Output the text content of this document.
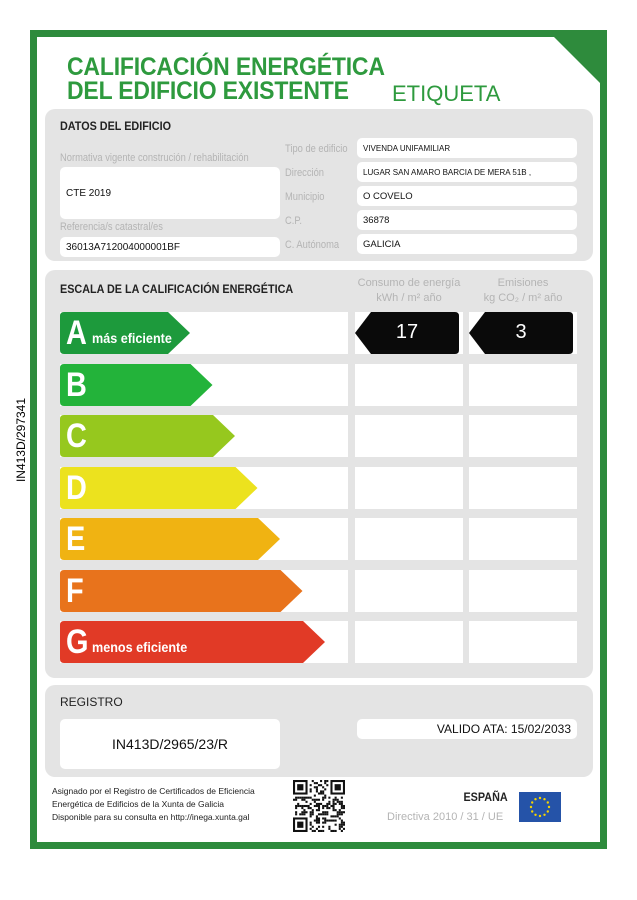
IN413D/297341
CALIFICACIÓN ENERGÉTICA
DEL EDIFICIO EXISTENTE	ETIQUETA
DATOS DEL EDIFICIO
Normativa vigente construción / rehabilitación
CTE 2019
Referencia/s catastral/es
36013A712004000001BF
Tipo de edificio	VIVENDA UNIFAMILIAR
Dirección	LUGAR SAN AMARO BARCIA DE MERA 51B ,
Municipio	O COVELO
C.P.	36878
C. Autónoma	GALICIA
ESCALA DE LA CALIFICACIÓN ENERGÉTICA	Consumo de energía
kWh / m² año
Emisiones
kg CO₂ / m² año
A más eficiente	17	3
B
C
D
E
F
G menos eficiente
REGISTRO
IN413D/2965/23/R
VALIDO ATA: 15/02/2033
Asignado por el Registro de Certificados de Eficiencia
Energética de Edificios de la Xunta de Galicia
Disponible para su consulta en http://inega.xunta.gal
ESPAÑA
Directiva 2010 / 31 / UE
